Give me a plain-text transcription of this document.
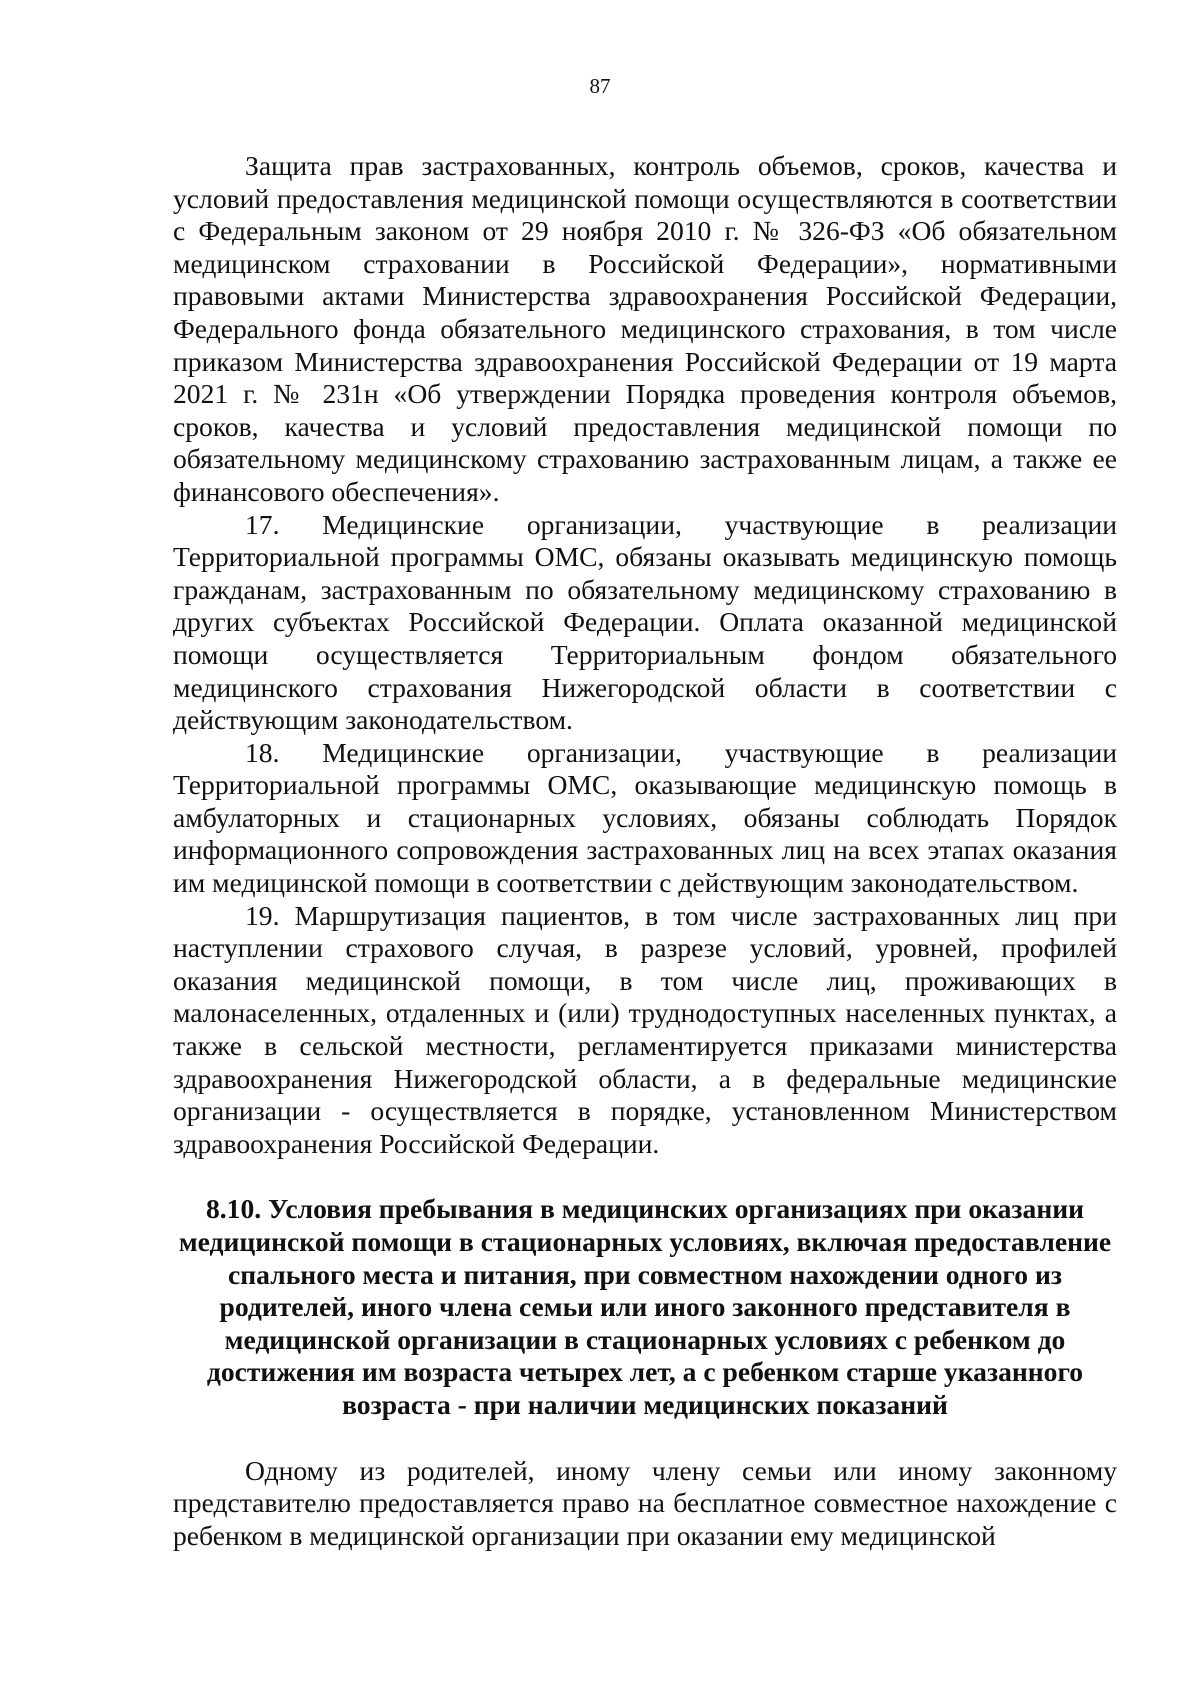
87

Защита прав застрахованных, контроль объемов, сроков, качества и условий предоставления медицинской помощи осуществляются в соответствии с Федеральным законом от 29 ноября 2010 г. № 326-ФЗ «Об обязательном медицинском страховании в Российской Федерации», нормативными правовыми актами Министерства здравоохранения Российской Федерации, Федерального фонда обязательного медицинского страхования, в том числе приказом Министерства здравоохранения Российской Федерации от 19 марта 2021 г. № 231н «Об утверждении Порядка проведения контроля объемов, сроков, качества и условий предоставления медицинской помощи по обязательному медицинскому страхованию застрахованным лицам, а также ее финансового обеспечения».

17. Медицинские организации, участвующие в реализации Территориальной программы ОМС, обязаны оказывать медицинскую помощь гражданам, застрахованным по обязательному медицинскому страхованию в других субъектах Российской Федерации. Оплата оказанной медицинской помощи осуществляется Территориальным фондом обязательного медицинского страхования Нижегородской области в соответствии с действующим законодательством.

18. Медицинские организации, участвующие в реализации Территориальной программы ОМС, оказывающие медицинскую помощь в амбулаторных и стационарных условиях, обязаны соблюдать Порядок информационного сопровождения застрахованных лиц на всех этапах оказания им медицинской помощи в соответствии с действующим законодательством.

19. Маршрутизация пациентов, в том числе застрахованных лиц при наступлении страхового случая, в разрезе условий, уровней, профилей оказания медицинской помощи, в том числе лиц, проживающих в малонаселенных, отдаленных и (или) труднодоступных населенных пунктах, а также в сельской местности, регламентируется приказами министерства здравоохранения Нижегородской области, а в федеральные медицинские организации - осуществляется в порядке, установленном Министерством здравоохранения Российской Федерации.

8.10. Условия пребывания в медицинских организациях при оказании
медицинской помощи в стационарных условиях, включая предоставление
спального места и питания, при совместном нахождении одного из
родителей, иного члена семьи или иного законного представителя в
медицинской организации в стационарных условиях с ребенком до
достижения им возраста четырех лет, а с ребенком старше указанного
возраста - при наличии медицинских показаний

Одному из родителей, иному члену семьи или иному законному представителю предоставляется право на бесплатное совместное нахождение с ребенком в медицинской организации при оказании ему медицинской
